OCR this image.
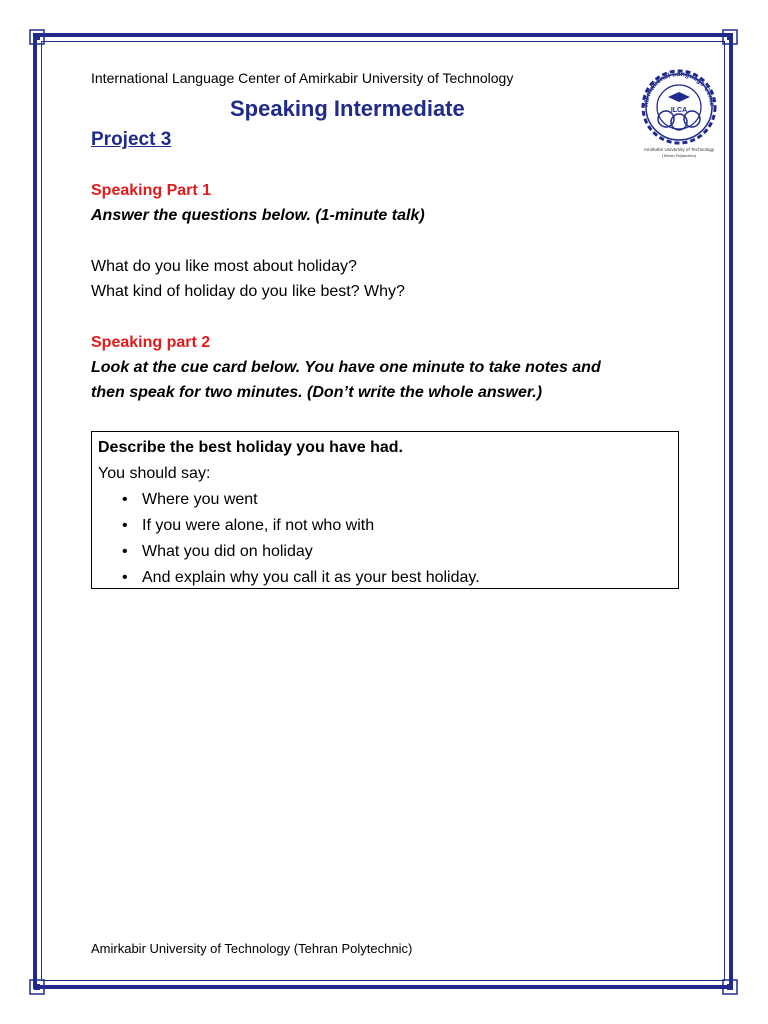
International Language Center of Amirkabir University of Technology
Speaking Intermediate
Project 3
nternational Language Cente
ILCA
Amirkabir University of Technology
(Tehran Polytechnic)
Speaking Part 1
Answer the questions below. (1-minute talk)
What do you like most about holiday?
What kind of holiday do you like best? Why?
Speaking part 2
Look at the cue card below. You have one minute to take notes and
then speak for two minutes. (Don’t write the whole answer.)
Describe the best holiday you have had.
You should say:
• Where you went
• If you were alone, if not who with
• What you did on holiday
• And explain why you call it as your best holiday.
Amirkabir University of Technology (Tehran Polytechnic)
